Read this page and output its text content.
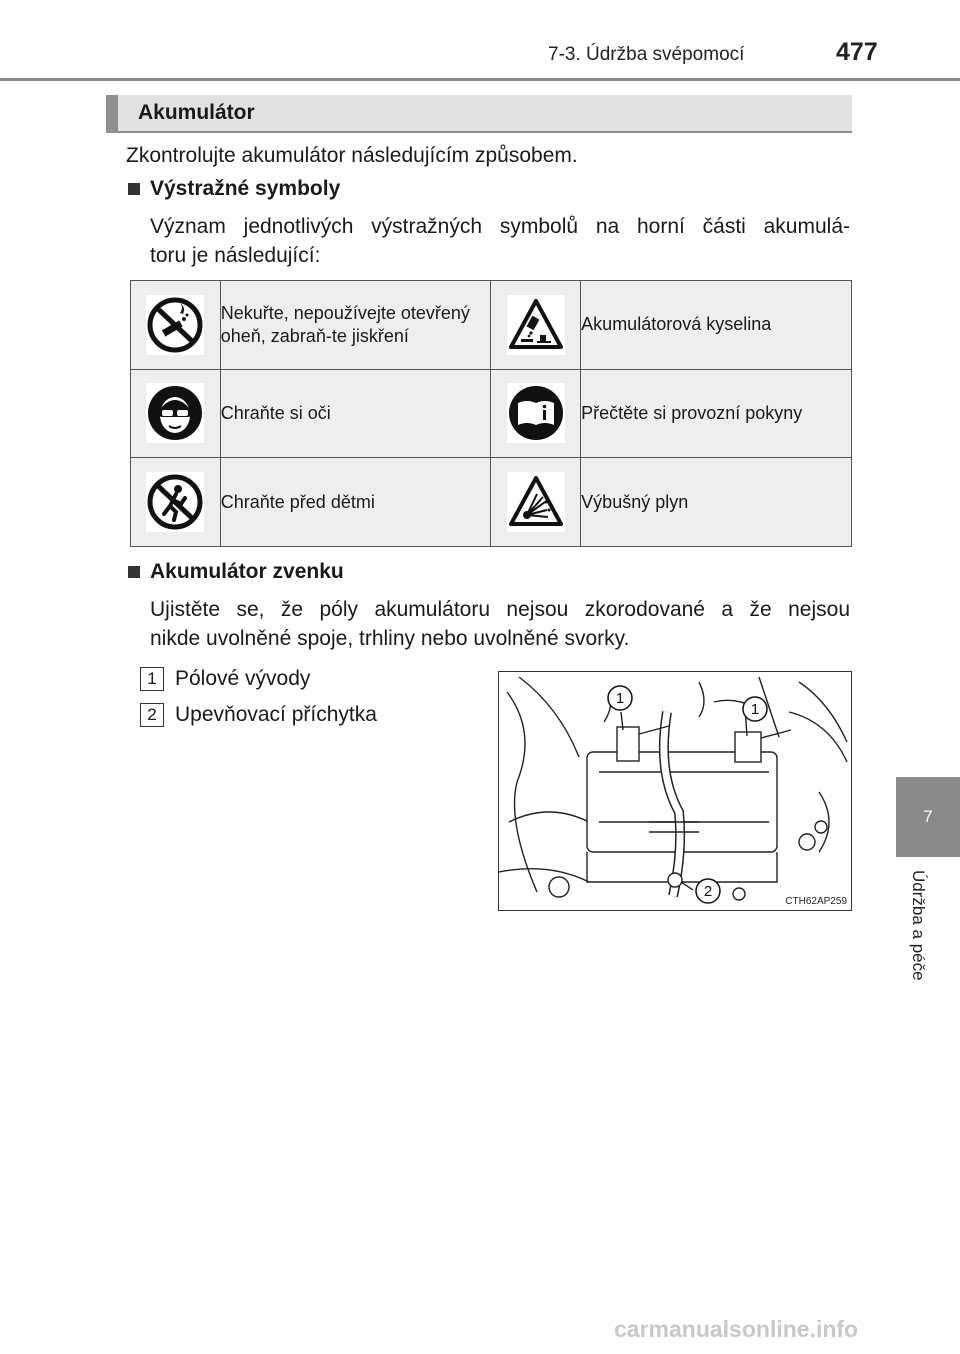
7-3. Údržba svépomocí	477
Akumulátor
Zkontrolujte akumulátor následujícím způsobem.
Výstražné symboly
Význam jednotlivých výstražných symbolů na horní části akumulá-
toru je následující:
	Nekuřte, nepoužívejte otevřený oheň, zabraň-te jiskření		Akumulátorová kyselina

	Chraňte si oči		Přečtěte si provozní pokyny

	Chraňte před dětmi		Výbušný plyn
Akumulátor zvenku
Ujistěte se, že póly akumulátoru nejsou zkorodované a že nejsou
nikde uvolněné spoje, trhliny nebo uvolněné svorky.
1 Pólové vývody
2 Upevňovací příchytka
1
1
2
CTH62AP259
7
Údržba a péče
carmanualsonline.info
